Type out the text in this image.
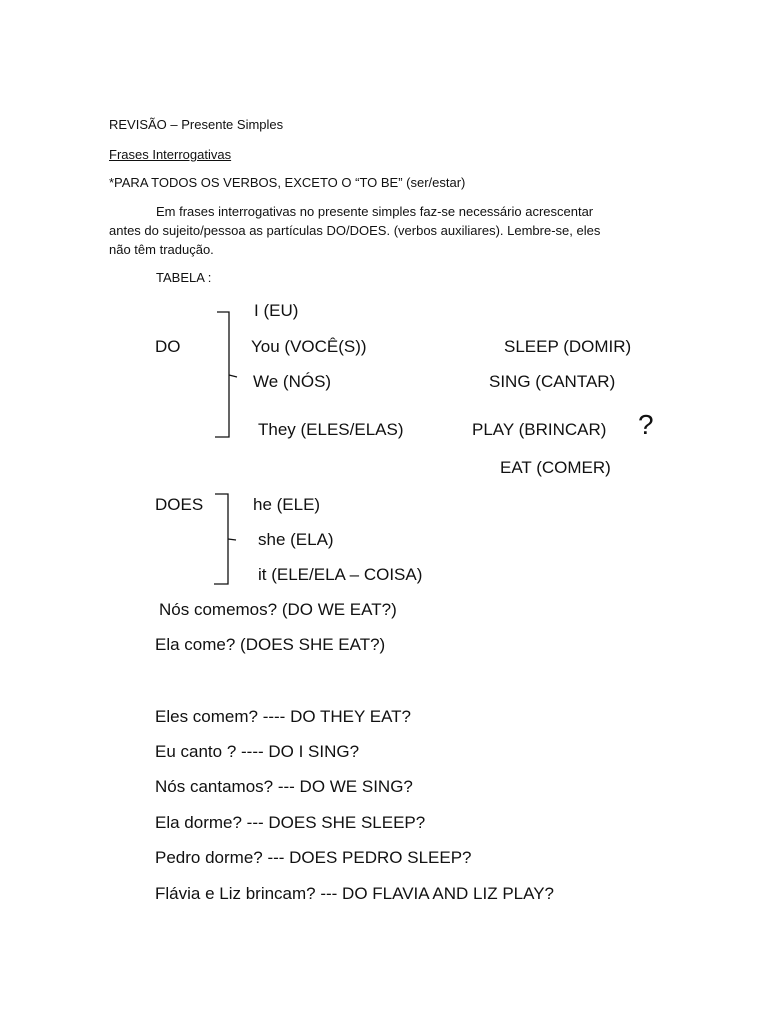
REVISÃO – Presente Simples
Frases Interrogativas
*PARA TODOS OS VERBOS, EXCETO O “TO BE” (ser/estar)
Em frases interrogativas no presente simples faz-se necessário acrescentar
antes do sujeito/pessoa as partículas DO/DOES. (verbos auxiliares). Lembre-se, eles
não têm tradução.
TABELA :
I (EU)
DO	You (VOCÊ(S))	SLEEP (DOMIR)
We (NÓS)	SING (CANTAR)
They (ELES/ELAS)	PLAY (BRINCAR) ?
EAT (COMER)
DOES	he (ELE)
she (ELA)
it (ELE/ELA – COISA)
Nós comemos? (DO WE EAT?)
Ela come? (DOES SHE EAT?)
Eles comem? ---- DO THEY EAT?
Eu canto ? ---- DO I SING?
Nós cantamos? --- DO WE SING?
Ela dorme? --- DOES SHE SLEEP?
Pedro dorme? --- DOES PEDRO SLEEP?
Flávia e Liz brincam? --- DO FLAVIA AND LIZ PLAY?
